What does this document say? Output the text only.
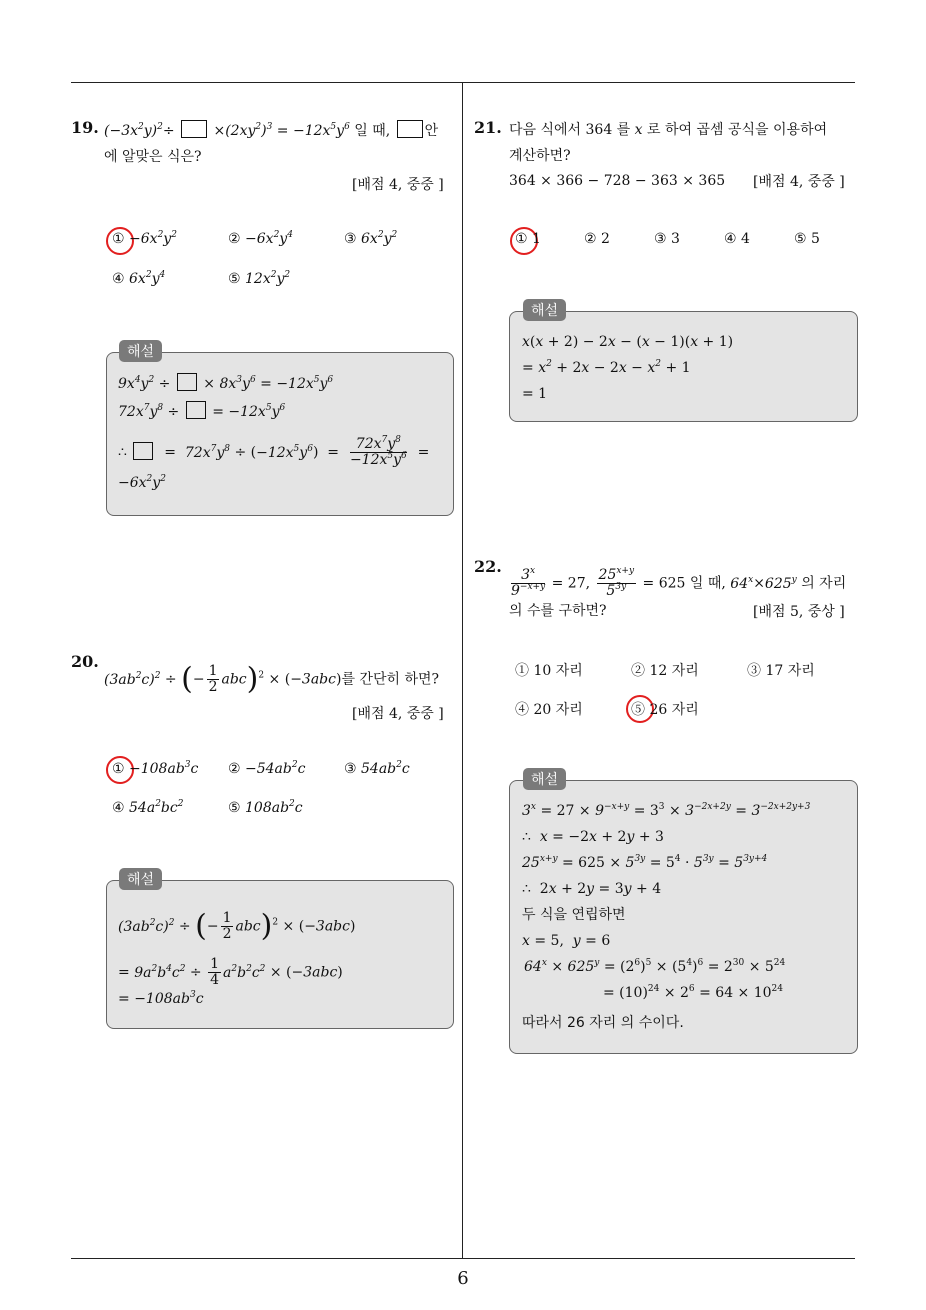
6
19. $(-3x^2y)^2\div \times(2xy^2)^3 = -12x^5y^6$ 일 때, 안
에 알맞은 식은?
[배점 4, 중중 ]
① $-6x^2y^2$	② $-6x^2y^4$	③ $6x^2y^2$
④ $6x^2y^4$	⑤ $12x^2y^2$
$9x^4y^2$ ÷  × $8x^3y^6 = -12x^5y^6$
$72x^7y^8$ ÷  = $-12x^5y^6$
∴   =  $72x^7y^8 \div (-12x^5y^6) = \frac{72x^7y^8}{-12x^5y^6}$ =
$-6x^2y^2$
해설
20.
$(3ab^2c)^2$ ÷ (− $\frac{1}{2} abc)^2 \times (-3abc)$를 간단히 하면?
[배점 4, 중중 ]
① $-108ab^3c$ ② $-54ab^2c$	③ $54ab^2c$
④ $54a^2bc^2$	⑤ $108ab^2c$
$(3ab^2c)^2$ ÷ (− $\frac{1}{2} abc)^2 \times (-3abc)$
= $9a^2b^4c^2 \div \frac{1}{4} a^2b^2c^2 \times (-3abc)$
= $-108ab^3c$
해설
21. 다음 식에서 364 를 x 로 하여 곱셈 공식을 이용하여
계산하면?
364 × 366 − 728 − 363 × 365 [배점 4, 중중 ]
① 1	② 2	③ 3	④ 4	⑤ 5
x(x + 2) − 2x − (x − 1)(x + 1)
= $x^2 + 2x - 2x - x^2 + 1$
= 1
해설
22.
$\frac{3^x}{9^{-x+y}} = 27$, $\frac{25^{x+y}}{5^{3y}} = 625$ 일 때, $64^x\times 625^y$ 의 자리
의 수를 구하면?	[배점 5, 중상 ]
① 10 자리	② 12 자리	③ 17 자리
④ 20 자리	⑤ 26 자리
$3^x = 27 \times 9^{-x+y} = 3^3 \times 3^{-2x+2y} = 3^{-2x+2y+3}$
∴  x = −2x + 2y + 3
$25^{x+y} = 625 \times 5^{3y} = 5^4 \cdot 5^{3y} = 5^{3y+4}$
∴  2x + 2y = 3y + 4
두 식을 연립하면
x = 5,  y = 6
$64^x \times 625^y = (2^6)^5 \times (5^4)^6 = 2^{30} \times 5^{24}$
= $(10)^{24} \times 2^6 = 64 \times 10^{24}$
따라서 26 자리 의 수이다.
해설
